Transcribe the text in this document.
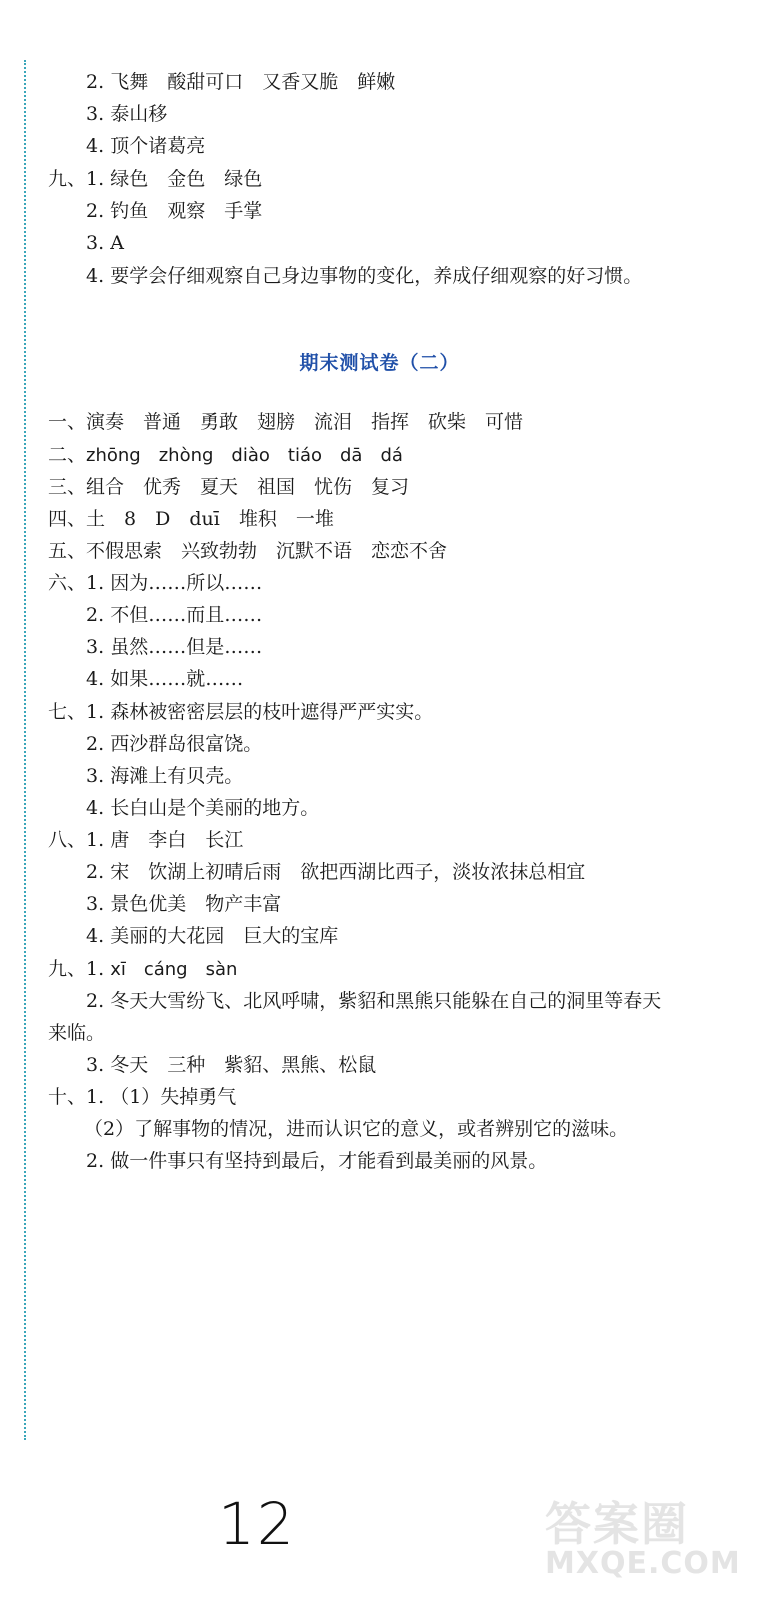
2. 飞舞　酸甜可口　又香又脆　鲜嫩
3. 泰山移
4. 顶个诸葛亮
九、 1. 绿色　金色　绿色
2. 钓鱼　观察　手掌
3. A
4. 要学会仔细观察自己身边事物的变化，养成仔细观察的好习惯。
期末测试卷（二）
一、演奏　普通　勇敢　翅膀　流泪　指挥　砍柴　可惜
二、zhōng　zhòng　diào　tiáo　dā　dá
三、组合　优秀　夏天　祖国　忧伤　复习
四、土　8　D　duī　堆积　一堆
五、不假思索　兴致勃勃　沉默不语　恋恋不舍
六、 1. 因为……所以……
2. 不但……而且……
3. 虽然……但是……
4. 如果……就……
七、 1. 森林被密密层层的枝叶遮得严严实实。
2. 西沙群岛很富饶。
3. 海滩上有贝壳。
4. 长白山是个美丽的地方。
八、 1. 唐　李白　长江
2. 宋　饮湖上初晴后雨　欲把西湖比西子，淡妆浓抹总相宜
3. 景色优美　物产丰富
4. 美丽的大花园　巨大的宝库
九、 1. xī　cáng　sàn
2. 冬天大雪纷飞、北风呼啸，紫貂和黑熊只能躲在自己的洞里等春天
来临。
3. 冬天　三种　紫貂、黑熊、松鼠
十、 1. （1）失掉勇气
（2）了解事物的情况，进而认识它的意义，或者辨别它的滋味。
2. 做一件事只有坚持到最后，才能看到最美丽的风景。
12	答案圈
MXQE.COM
